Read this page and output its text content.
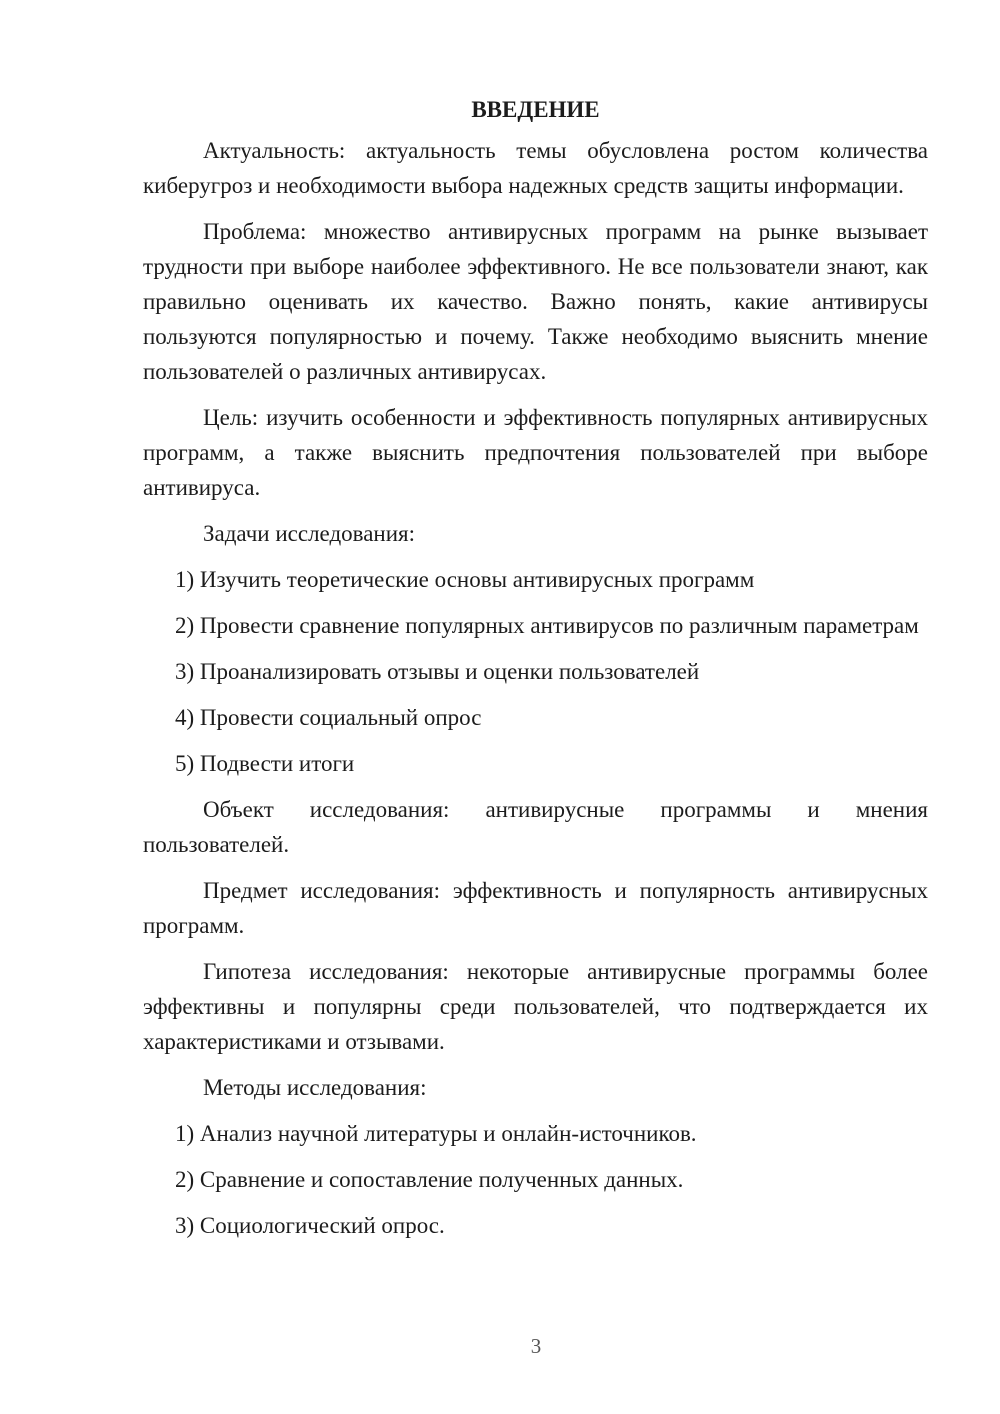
ВВЕДЕНИЕ

Актуальность: актуальность темы обусловлена ростом количества киберугроз и необходимости выбора надежных средств защиты информации.

Проблема: множество антивирусных программ на рынке вызывает трудности при выборе наиболее эффективного. Не все пользователи знают, как правильно оценивать их качество. Важно понять, какие антивирусы пользуются популярностью и почему. Также необходимо выяснить мнение пользователей о различных антивирусах.

Цель: изучить особенности и эффективность популярных антивирусных программ, а также выяснить предпочтения пользователей при выборе антивируса.

Задачи исследования:

1) Изучить теоретические основы антивирусных программ

2) Провести сравнение популярных антивирусов по различным параметрам

3) Проанализировать отзывы и оценки пользователей

4) Провести социальный опрос

5) Подвести итоги

Объект исследования: антивирусные программы и мнения пользователей.

Предмет исследования: эффективность и популярность антивирусных программ.

Гипотеза исследования: некоторые антивирусные программы более эффективны и популярны среди пользователей, что подтверждается их характеристиками и отзывами.

Методы исследования:

1) Анализ научной литературы и онлайн-источников.

2) Сравнение и сопоставление полученных данных.

3) Социологический опрос.

3
